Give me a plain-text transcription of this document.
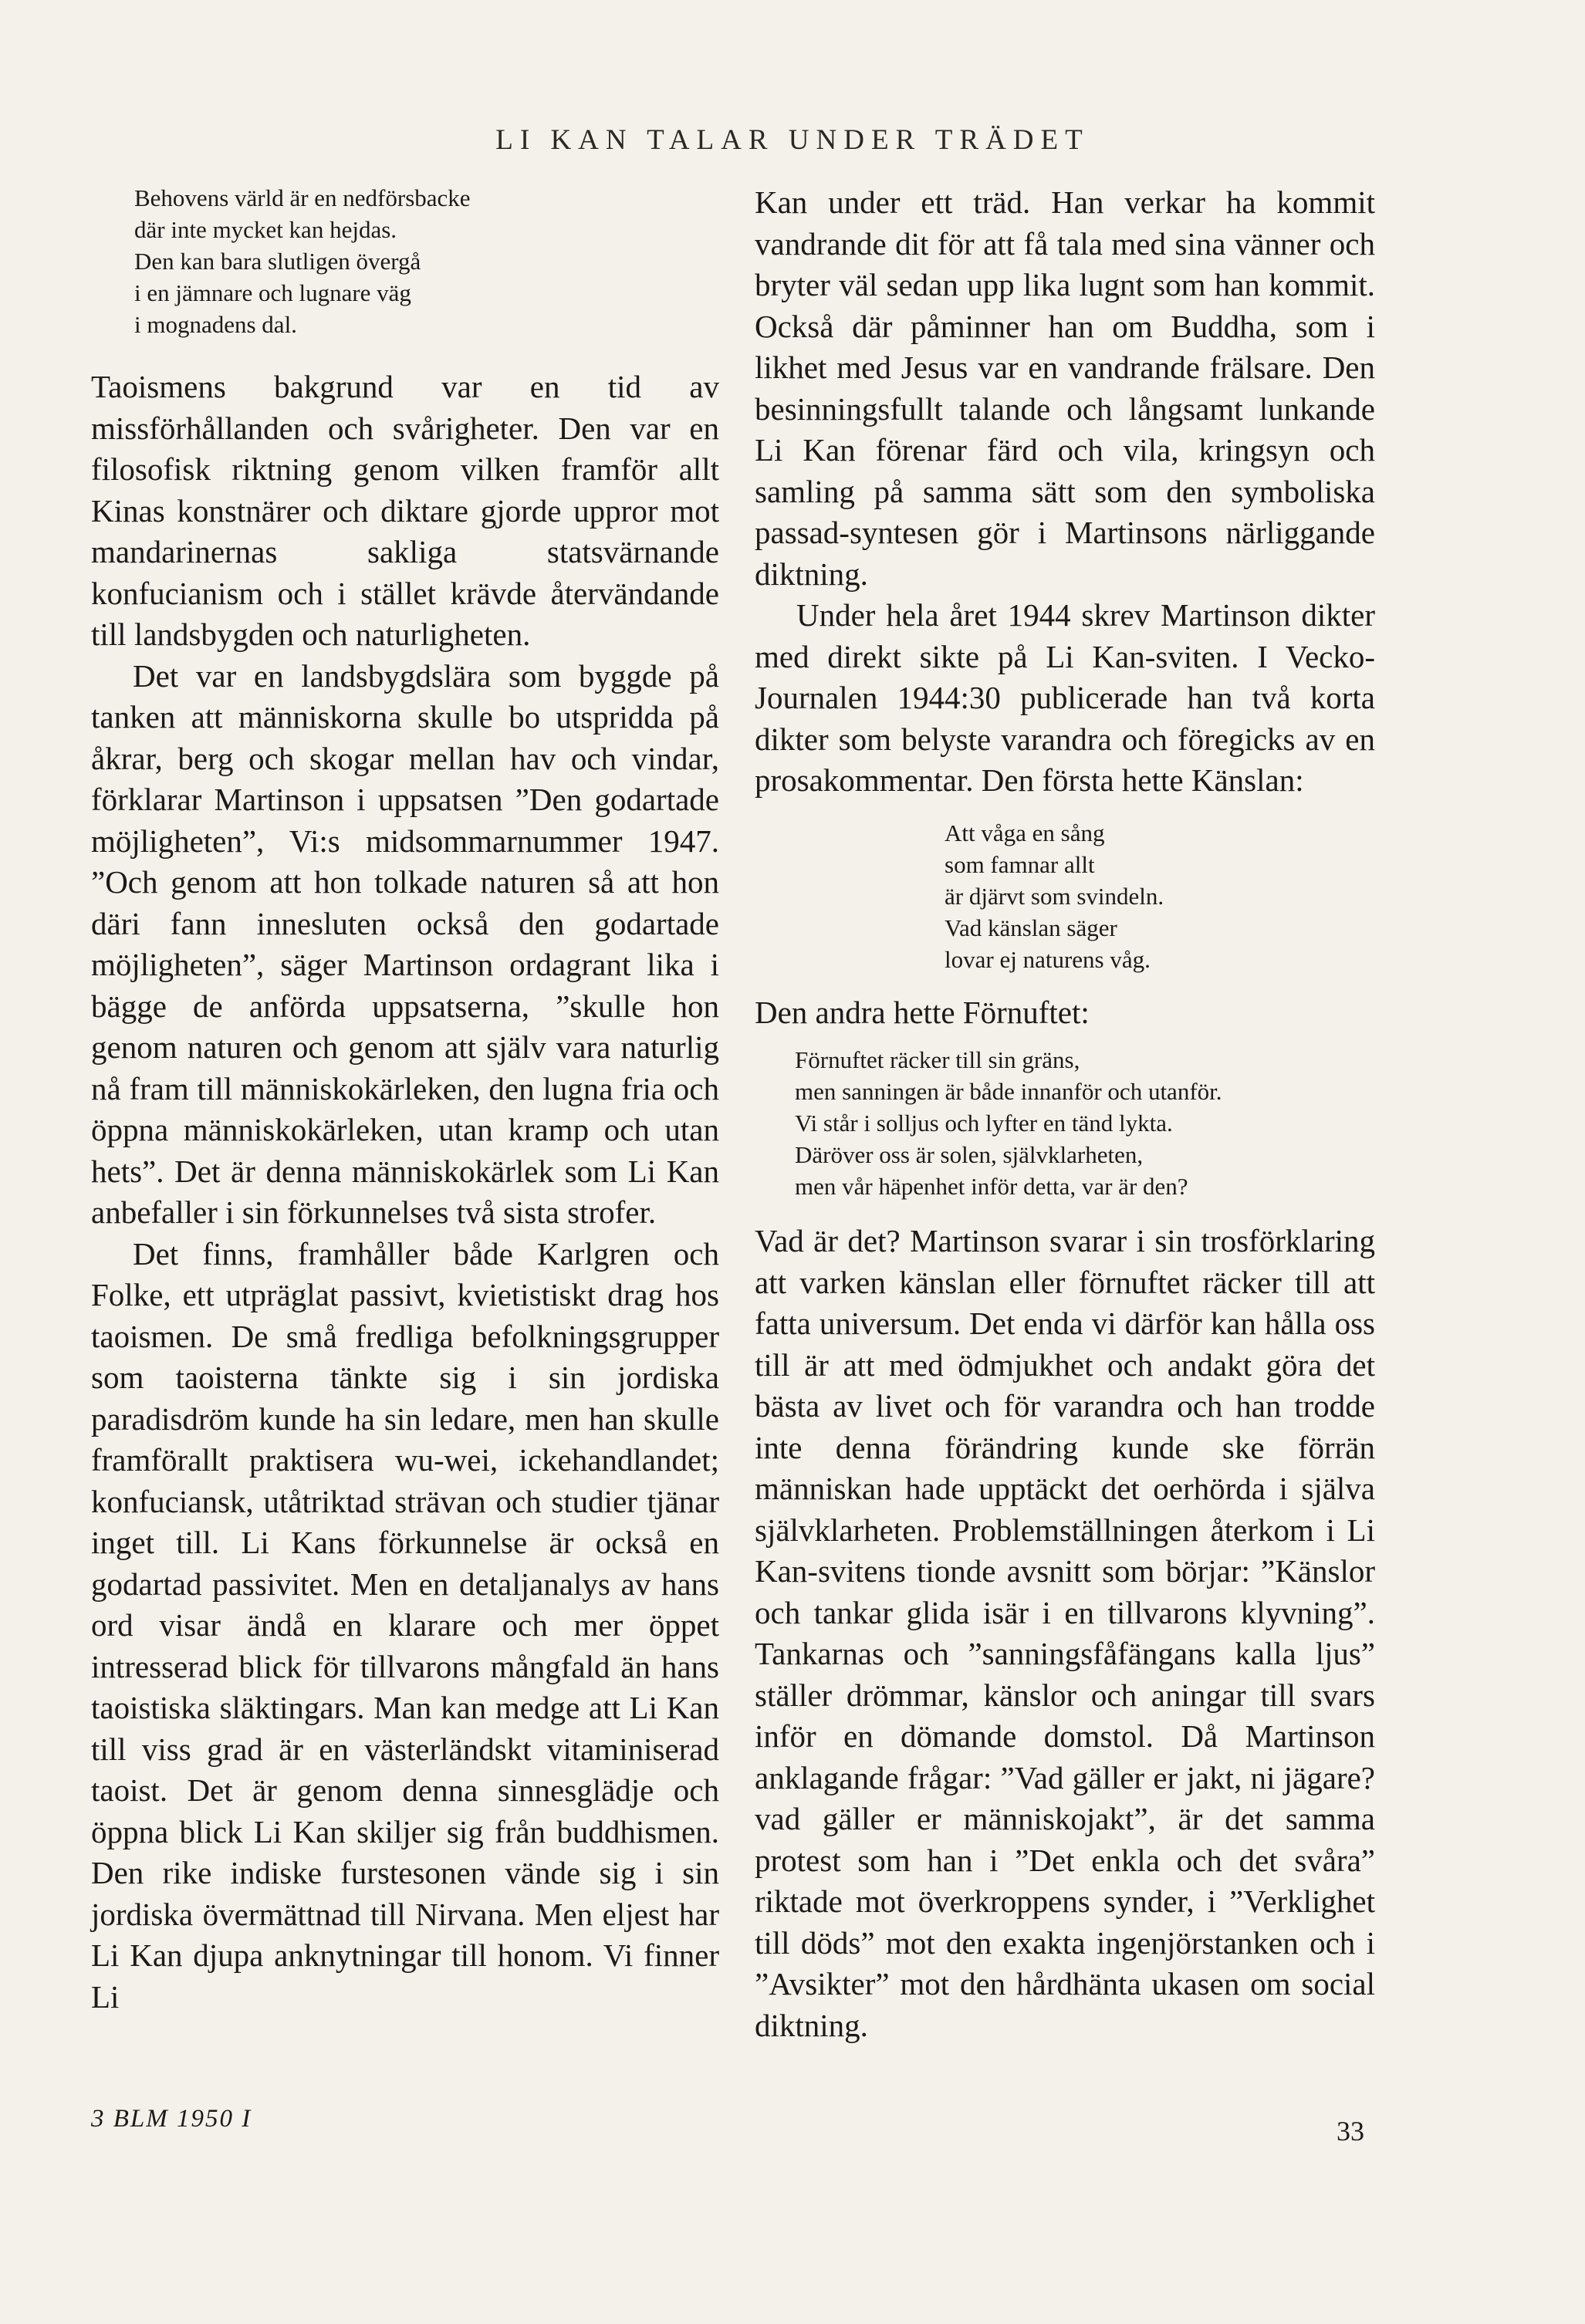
LI KAN TALAR UNDER TRÄDET
Behovens värld är en nedförsbacke
där inte mycket kan hejdas.
Den kan bara slutligen övergå
i en jämnare och lugnare väg
i mognadens dal.

Taoismens bakgrund var en tid av missförhållanden och svårigheter. Den var en filosofisk riktning genom vilken framför allt Kinas konstnärer och diktare gjorde uppror mot mandarinernas sakliga statsvärnande konfucianism och i stället krävde återvändande till landsbygden och naturligheten.

Det var en landsbygdslära som byggde på tanken att människorna skulle bo utspridda på åkrar, berg och skogar mellan hav och vindar, förklarar Martinson i uppsatsen ”Den godartade möjligheten”, Vi:s midsommarnummer 1947. ”Och genom att hon tolkade naturen så att hon däri fann innesluten också den godartade möjligheten”, säger Martinson ordagrant lika i bägge de anförda uppsatserna, ”skulle hon genom naturen och genom att själv vara naturlig nå fram till människokärleken, den lugna fria och öppna människokärleken, utan kramp och utan hets”. Det är denna människokärlek som Li Kan anbefaller i sin förkunnelses två sista strofer.

Det finns, framhåller både Karlgren och Folke, ett utpräglat passivt, kvietistiskt drag hos taoismen. De små fredliga befolkningsgrupper som taoisterna tänkte sig i sin jordiska paradisdröm kunde ha sin ledare, men han skulle framförallt praktisera wu-wei, ickehandlandet; konfuciansk, utåtriktad strävan och studier tjänar inget till. Li Kans förkunnelse är också en godartad passivitet. Men en detaljanalys av hans ord visar ändå en klarare och mer öppet intresserad blick för tillvarons mångfald än hans taoistiska släktingars. Man kan medge att Li Kan till viss grad är en västerländskt vitaminiserad taoist. Det är genom denna sinnesglädje och öppna blick Li Kan skiljer sig från buddhismen. Den rike indiske furstesonen vände sig i sin jordiska övermättnad till Nirvana. Men eljest har Li Kan djupa anknytningar till honom. Vi finner Li

Kan under ett träd. Han verkar ha kommit vandrande dit för att få tala med sina vänner och bryter väl sedan upp lika lugnt som han kommit. Också där påminner han om Buddha, som i likhet med Jesus var en vandrande frälsare. Den besinningsfullt talande och långsamt lunkande Li Kan förenar färd och vila, kringsyn och samling på samma sätt som den symboliska passad-syntesen gör i Martinsons närliggande diktning.

Under hela året 1944 skrev Martinson dikter med direkt sikte på Li Kan-sviten. I Vecko-Journalen 1944:30 publicerade han två korta dikter som belyste varandra och föregicks av en prosakommentar. Den första hette Känslan:

Att våga en sång
som famnar allt
är djärvt som svindeln.
Vad känslan säger
lovar ej naturens våg.

Den andra hette Förnuftet:

Förnuftet räcker till sin gräns,
men sanningen är både innanför och utanför.
Vi står i solljus och lyfter en tänd lykta.
Däröver oss är solen, självklarheten,
men vår häpenhet inför detta, var är den?

Vad är det? Martinson svarar i sin trosförklaring att varken känslan eller förnuftet räcker till att fatta universum. Det enda vi därför kan hålla oss till är att med ödmjukhet och andakt göra det bästa av livet och för varandra och han trodde inte denna förändring kunde ske förrän människan hade upptäckt det oerhörda i själva självklarheten. Problemställningen återkom i Li Kan-svitens tionde avsnitt som börjar: ”Känslor och tankar glida isär i en tillvarons klyvning”. Tankarnas och ”sanningsfåfängans kalla ljus” ställer drömmar, känslor och aningar till svars inför en dömande domstol. Då Martinson anklagande frågar: ”Vad gäller er jakt, ni jägare? vad gäller er människojakt”, är det samma protest som han i ”Det enkla och det svåra” riktade mot överkroppens synder, i ”Verklighet till döds” mot den exakta ingenjörstanken och i ”Avsikter” mot den hårdhänta ukasen om social diktning.

3 BLM 1950 I	33
